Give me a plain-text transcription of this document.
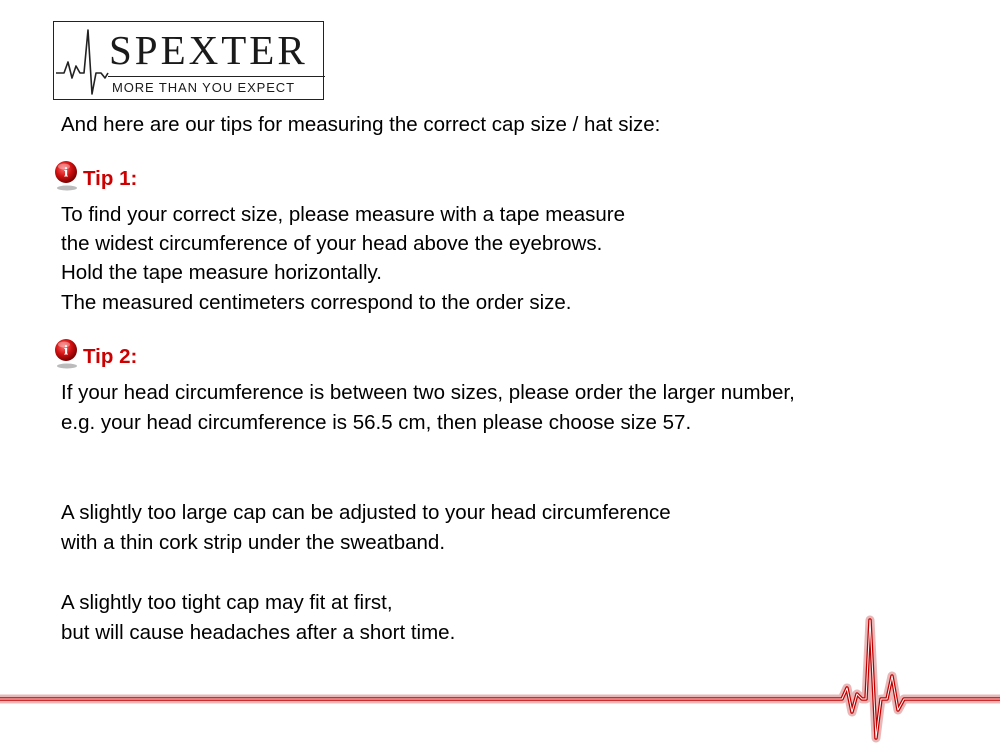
SPEXTER
MORE THAN YOU EXPECT
And here are our tips for measuring the correct cap size / hat size:
i Tip 1:
To find your correct size, please measure with a tape measure
the widest circumference of your head above the eyebrows.
Hold the tape measure horizontally.
The measured centimeters correspond to the order size.
i Tip 2:
If your head circumference is between two sizes, please order the larger number,
e.g. your head circumference is 56.5 cm, then please choose size 57.
A slightly too large cap can be adjusted to your head circumference
with a thin cork strip under the sweatband.
A slightly too tight cap may fit at first,
but will cause headaches after a short time.
